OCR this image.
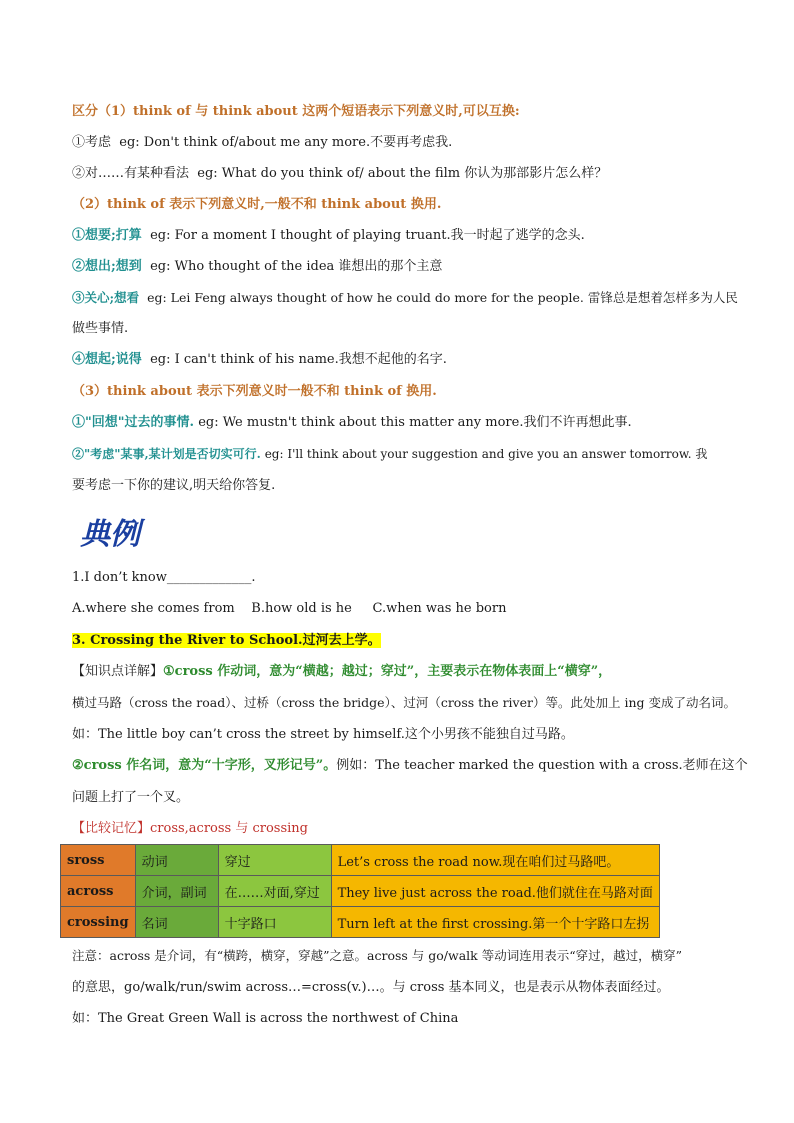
区分（1）think of 与 think about 这两个短语表示下列意义时,可以互换:
①考虑 eg: Don't think of/about me any more.不要再考虑我.
②对……有某种看法 eg: What do you think of/ about the film 你认为那部影片怎么样？
（2）think of 表示下列意义时,一般不和 think about 换用.
①想要;打算 eg: For a moment I thought of playing truant.我一时起了逃学的念头.
②想出;想到 eg: Who thought of the idea 谁想出的那个主意
③关心;想看 eg: Lei Feng always thought of how he could do more for the people. 雷锋总是想着怎样多为人民
做些事情.
④想起;说得 eg: I can't think of his name.我想不起他的名字.
（3）think about 表示下列意义时一般不和 think of 换用.
①"回想"过去的事情. eg: We mustn't think about this matter any more.我们不许再想此事.
②"考虑"某事,某计划是否切实可行. eg: I'll think about your suggestion and give you an answer tomorrow. 我
要考虑一下你的建议,明天给你答复.
典例
1.I don’t know_____________.
A.where she comes from    B.how old is he     C.when was he born
3. Crossing the River to School.过河去上学。
【知识点详解】①cross 作动词，意为“横越；越过；穿过”，主要表示在物体表面上“横穿”，
横过马路（cross the road）、过桥（cross the bridge）、过河（cross the river）等。此处加上 ing 变成了动名词。
如：The little boy can’t cross the street by himself.这个小男孩不能独自过马路。
②cross 作名词，意为“十字形，叉形记号”。例如：The teacher marked the question with a cross.老师在这个
问题上打了一个叉。
【比较记忆】cross,across 与 crossing
sross	动词	穿过	Let’s cross the road now.现在咱们过马路吧。
across	介词，副词	在……对面,穿过	They live just across the road.他们就住在马路对面
crossing	名词	十字路口	Turn left at the first crossing.第一个十字路口左拐
注意：across 是介词，有“横跨，横穿，穿越”之意。across 与 go/walk 等动词连用表示“穿过，越过，横穿”
的意思，go/walk/run/swim across…=cross(v.)…。与 cross 基本同义，也是表示从物体表面经过。
如：The Great Green Wall is across the northwest of China
